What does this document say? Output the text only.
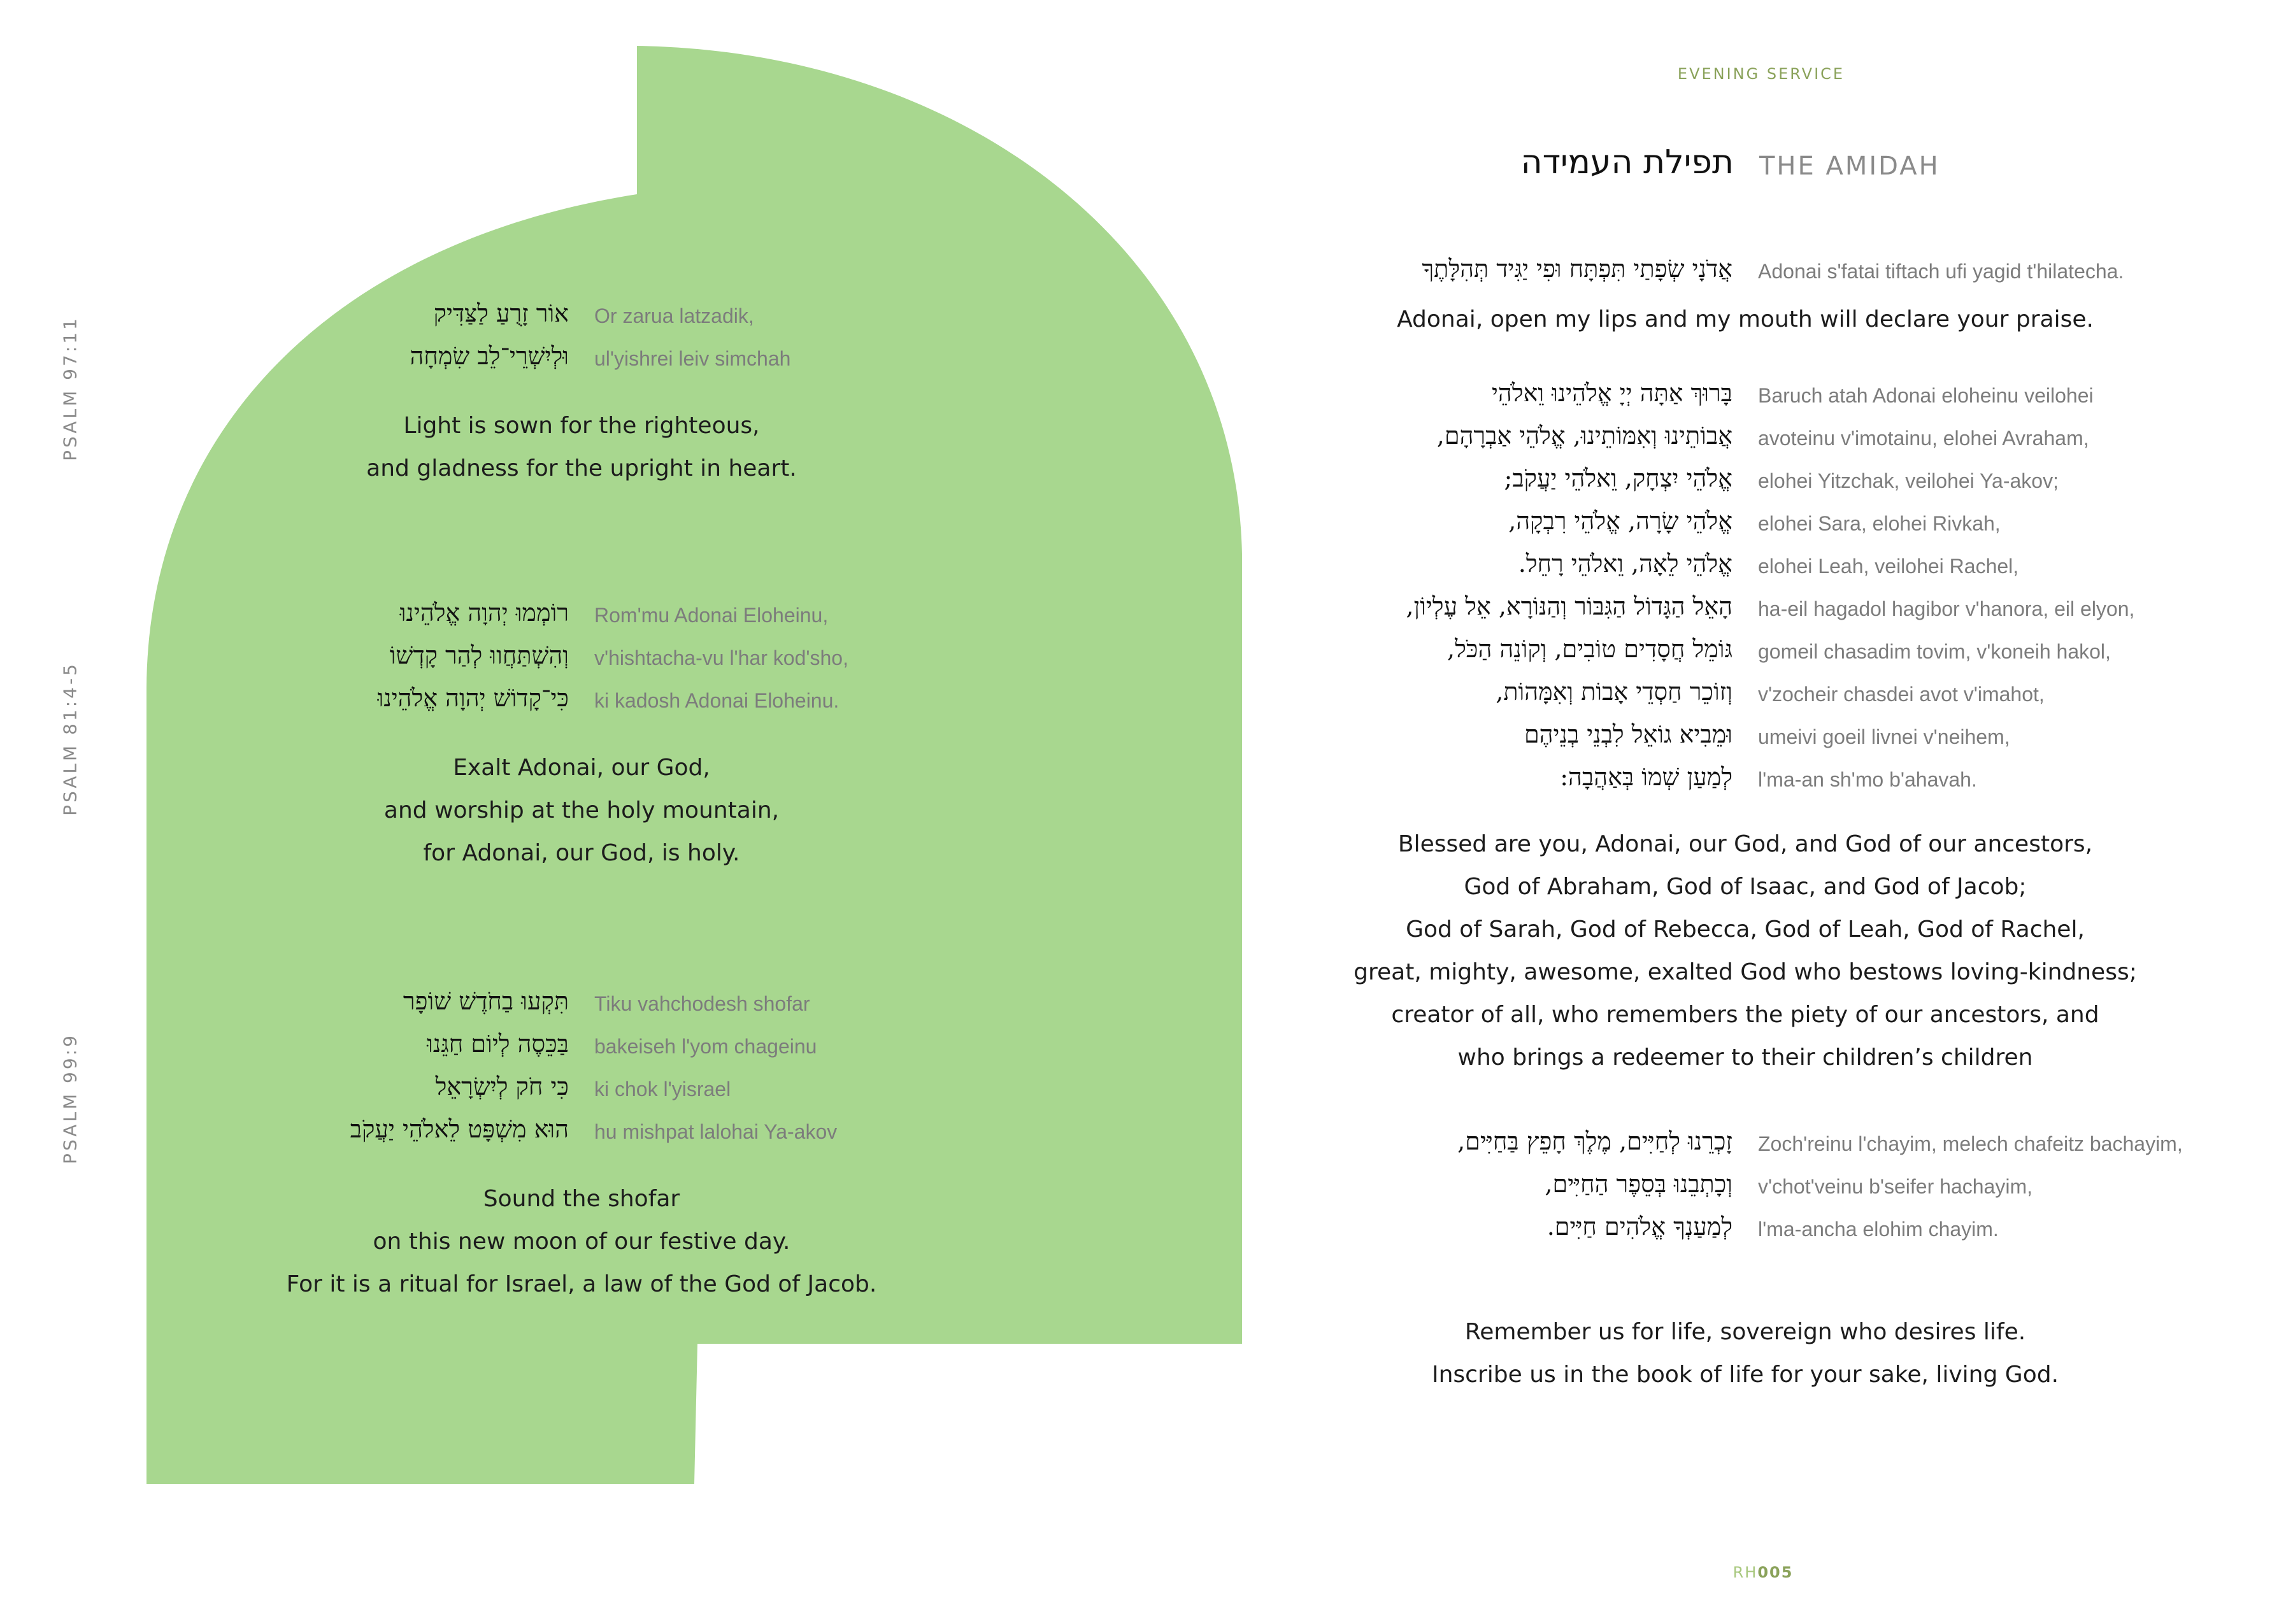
PSALM 97:11
PSALM 81:4-5
PSALM 99:9
אוֹר זָרֻעַ לַצַּדִּיק Or zarua latzadik,
וּלְיִשְׁרֵי־לֵב שִׂמְחָה ul'yishrei leiv simchah
Light is sown for the righteous,
and gladness for the upright in heart.
רוֹמְמוּ יְהוָה אֱלֹהֵינוּ Rom'mu Adonai Eloheinu,
וְהִשְׁתַּחֲווּ לְהַר קָדְשׁוֹ v'hishtacha-vu l'har kod'sho,
כִּי־קָדוֹשׁ יְהוָה אֱלֹהֵינוּ ki kadosh Adonai Eloheinu.
Exalt Adonai, our God,
and worship at the holy mountain,
for Adonai, our God, is holy.
תִּקְעוּ בַחֹדֶשׁ שׁוֹפָר Tiku vahchodesh shofar
בַּכֵּסֶה לְיוֹם חַגֵּנוּ bakeiseh l'yom chageinu
כִּי חֹק לְיִשְׂרָאֵל ki chok l'yisrael
הוּא מִשְׁפָּט לֵאלֹהֵי יַעֲקֹב hu mishpat lalohai Ya-akov
Sound the shofar
on this new moon of our festive day.
For it is a ritual for Israel, a law of the God of Jacob.
EVENING SERVICE
תפילת העמידה THE AMIDAH
אֲדֹנָי שְׂפָתַי תִּפְתָּח וּפִי יַגִּיד תְּהִלָּתֶךָ Adonai s'fatai tiftach ufi yagid t'hilatecha.
Adonai, open my lips and my mouth will declare your praise.
בָּרוּךְ אַתָּה יְיָ אֱלֹהֵינוּ וֵאלֹהֵי Baruch atah Adonai eloheinu veilohei
אֲבוֹתֵינוּ וְאִמּוֹתֵינוּ, אֱלֹהֵי אַבְרָהָם, avoteinu v'imotainu, elohei Avraham,
אֱלֹהֵי יִצְחָק, וֵאלֹהֵי יַעֲקֹב; elohei Yitzchak, veilohei Ya-akov;
אֱלֹהֵי שָׂרָה, אֱלֹהֵי רִבְקָה, elohei Sara, elohei Rivkah,
אֱלֹהֵי לֵאָה, וֵאלֹהֵי רָחֵל. elohei Leah, veilohei Rachel,
הָאֵל הַגָּדוֹל הַגִּבּוֹר וְהַנּוֹרָא, אֵל עֶלְיוֹן, ha-eil hagadol hagibor v'hanora, eil elyon,
גּוֹמֵל חֲסָדִים טוֹבִים, וְקוֹנֵה הַכֹּל, gomeil chasadim tovim, v'koneih hakol,
וְזוֹכֵר חַסְדֵי אָבוֹת וְאִמָּהוֹת, v'zocheir chasdei avot v'imahot,
וּמֵבִיא גוֹאֵל לִבְנֵי בְנֵיהֶם umeivi goeil livnei v'neihem,
לְמַעַן שְׁמוֹ בְּאַהֲבָה: l'ma-an sh'mo b'ahavah.
Blessed are you, Adonai, our God, and God of our ancestors,
God of Abraham, God of Isaac, and God of Jacob;
God of Sarah, God of Rebecca, God of Leah, God of Rachel,
great, mighty, awesome, exalted God who bestows loving-kindness;
creator of all, who remembers the piety of our ancestors, and
who brings a redeemer to their children’s children
זָכְרֵנוּ לְחַיִּים, מֶלֶךְ חָפֵץ בַּחַיִּים, Zoch'reinu l'chayim, melech chafeitz bachayim,
וְכָתְבֵנוּ בְּסֵפֶר הַחַיִּים, v'chot'veinu b'seifer hachayim,
לְמַעַנְךָ אֱלֹהִים חַיִּים. l'ma-ancha elohim chayim.
Remember us for life, sovereign who desires life.
Inscribe us in the book of life for your sake, living God.
RH005
